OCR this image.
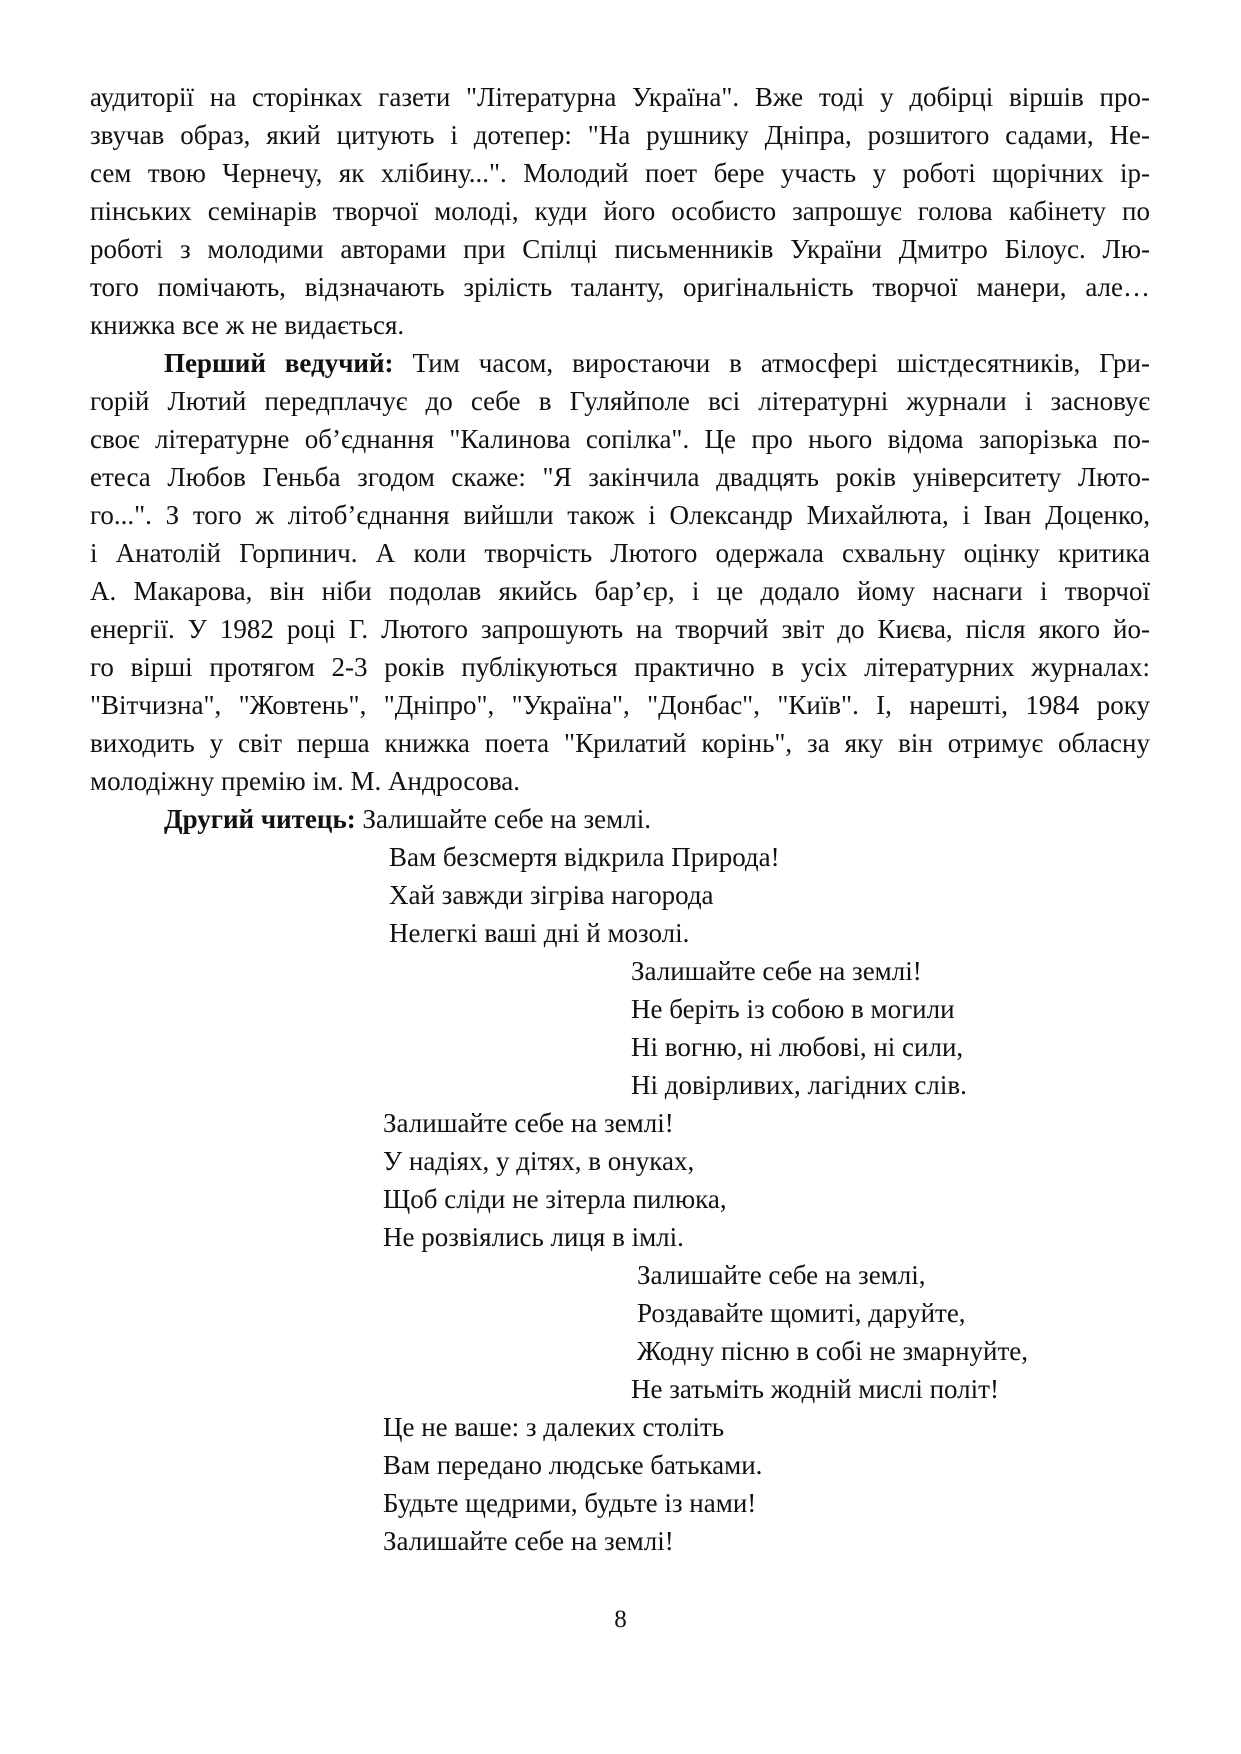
аудиторії на сторінках газети "Літературна Україна". Вже тоді у добірці віршів про-
звучав образ, який цитують і дотепер: "На рушнику Дніпра, розшитого садами, Не-
сем твою Чернечу, як хлібину...". Молодий поет бере участь у роботі щорічних ір-
пінських семінарів творчої молоді, куди його особисто запрошує голова кабінету по
роботі з молодими авторами при Спілці письменників України Дмитро Білоус. Лю-
того помічають, відзначають зрілість таланту, оригінальність творчої манери, але…
книжка все ж не видається.
Перший ведучий: Тим часом, виростаючи в атмосфері шістдесятників, Гри-
горій Лютий передплачує до себе в Гуляйполе всі літературні журнали і засновує
своє літературне об’єднання "Калинова сопілка". Це про нього відома запорізька по-
етеса Любов Геньба згодом скаже: "Я закінчила двадцять років університету Люто-
го...". З того ж літоб’єднання вийшли також і Олександр Михайлюта, і Іван Доценко,
і Анатолій Горпинич. А коли творчість Лютого одержала схвальну оцінку критика
А. Макарова, він ніби подолав якийсь бар’єр, і це додало йому наснаги і творчої
енергії. У 1982 році Г. Лютого запрошують на творчий звіт до Києва, після якого йо-
го вірші протягом 2-3 років публікуються практично в усіх літературних журналах:
"Вітчизна", "Жовтень", "Дніпро", "Україна", "Донбас", "Київ". І, нарешті, 1984 року
виходить у світ перша книжка поета "Крилатий корінь", за яку він отримує обласну
молодіжну премію ім. М. Андросова.
Другий читець: Залишайте себе на землі.
Вам безсмертя відкрила Природа!
Хай завжди зігріва нагорода
Нелегкі ваші дні й мозолі.
Залишайте себе на землі!
Не беріть із собою в могили
Ні вогню, ні любові, ні сили,
Ні довірливих, лагідних слів.
Залишайте себе на землі!
У надіях, у дітях, в онуках,
Щоб сліди не зітерла пилюка,
Не розвіялись лиця в імлі.
Залишайте себе на землі,
Роздавайте щомиті, даруйте,
Жодну пісню в собі не змарнуйте,
Не затьміть жодній мислі політ!
Це не ваше: з далеких століть
Вам передано людське батьками.
Будьте щедрими, будьте із нами!
Залишайте себе на землі!
8
